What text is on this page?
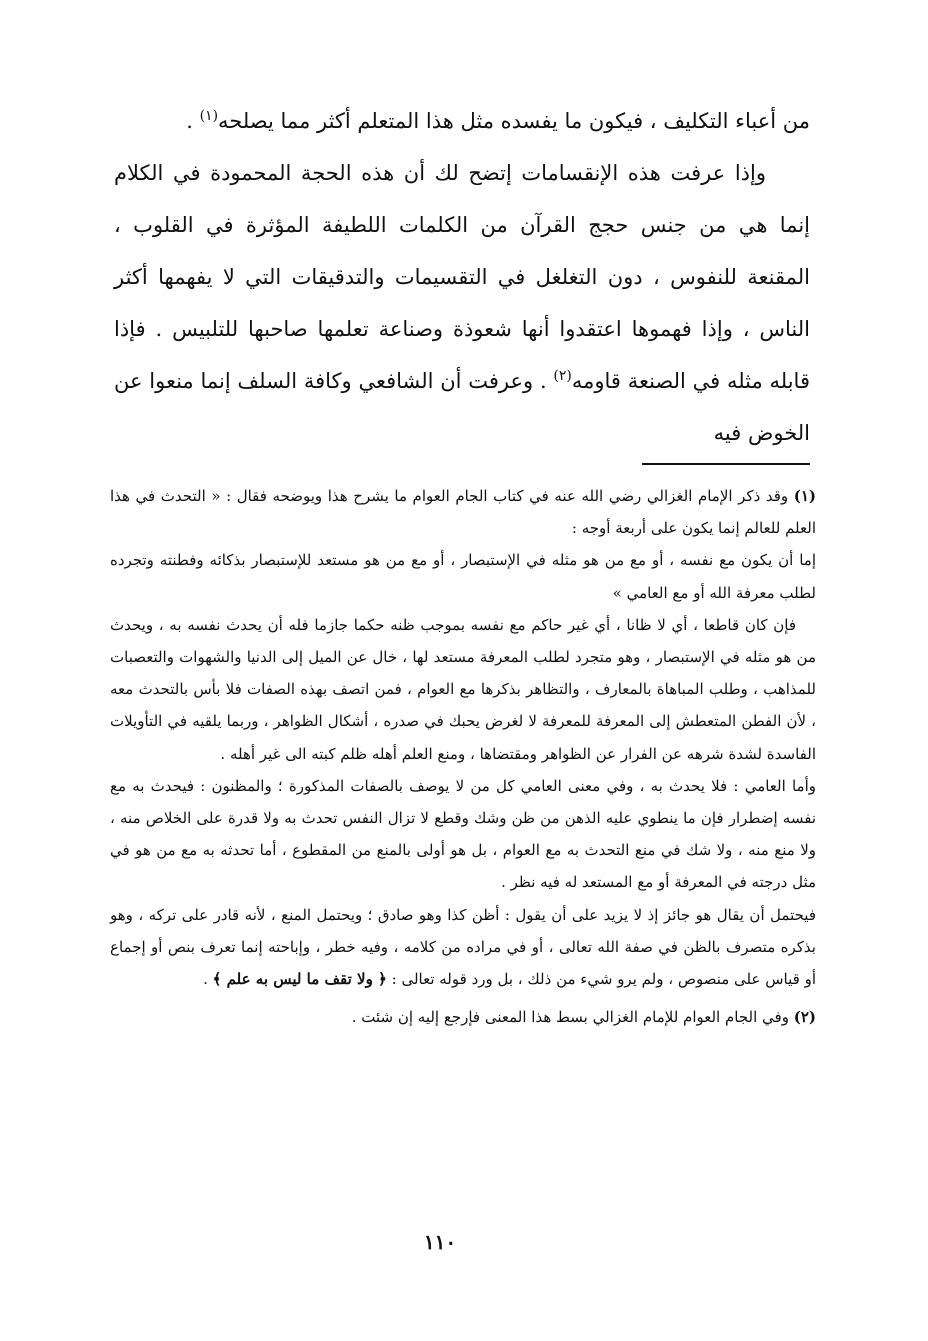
من أعباء التكليف ، فيكون ما يفسده مثل هذا المتعلم أكثر مما يصلحه$^{(١)}$ .

وإذا عرفت هذه الإنقسامات إتضح لك أن هذه الحجة المحمودة في الكلام إنما هي من جنس حجج القرآن من الكلمات اللطيفة المؤثرة في القلوب ، المقنعة للنفوس ، دون التغلغل في التقسيمات والتدقيقات التي لا يفهمها أكثر الناس ، وإذا فهموها اعتقدوا أنها شعوذة وصناعة تعلمها صاحبها للتلبيس . فإذا قابله مثله في الصنعة قاومه$^{(٢)}$ . وعرفت أن الشافعي وكافة السلف إنما منعوا عن الخوض فيه

(١) وقد ذكر الإمام الغزالي رضي الله عنه في كتاب الجام العوام ما يشرح هذا ويوضحه فقال : « التحدث في هذا العلم للعالم إنما يكون على أربعة أوجه :

إما أن يكون مع نفسه ، أو مع من هو مثله في الإستبصار ، أو مع من هو مستعد للإستبصار بذكائه وفطنته وتجرده لطلب معرفة الله أو مع العامي »

فإن كان قاطعا ، أي لا ظانا ، أي غير حاكم مع نفسه بموجب ظنه حكما جازما فله أن يحدث نفسه به ، ويحدث من هو مثله في الإستبصار ، وهو متجرد لطلب المعرفة مستعد لها ، خال عن الميل إلى الدنيا والشهوات والتعصبات للمذاهب ، وطلب المباهاة بالمعارف ، والتظاهر بذكرها مع العوام ، فمن اتصف بهذه الصفات فلا بأس بالتحدث معه ، لأن الفطن المتعطش إلى المعرفة للمعرفة لا لغرض يحبك في صدره ، أشكال الظواهر ، وربما يلقيه في التأويلات الفاسدة لشدة شرهه عن الفرار عن الظواهر ومقتضاها ، ومنع العلم أهله ظلم كبته الى غير أهله .

وأما العامي : فلا يحدث به ، وفي معنى العامي كل من لا يوصف بالصفات المذكورة ؛ والمظنون : فيحدث به مع نفسه إضطرار فإن ما ينطوي عليه الذهن من ظن وشك وقطع لا تزال النفس تحدث به ولا قدرة على الخلاص منه ، ولا منع منه ، ولا شك في منع التحدث به مع العوام ، بل هو أولى بالمنع من المقطوع ، أما تحدثه به مع من هو في مثل درجته في المعرفة أو مع المستعد له فيه نظر .

فيحتمل أن يقال هو جائز إذ لا يزيد على أن يقول : أظن كذا وهو صادق ؛ ويحتمل المنع ، لأنه قادر على تركه ، وهو بذكره متصرف بالظن في صفة الله تعالى ، أو في مراده من كلامه ، وفيه خطر ، وإباحته إنما تعرف بنص أو إجماع أو قياس على منصوص ، ولم يرو شيء من ذلك ، بل ورد قوله تعالى : ﴿ ولا تقف ما ليس به علم ﴾ .

(٢) وفي الجام العوام للإمام الغزالي بسط هذا المعنى فإرجع إليه إن شئت .

١١٠
